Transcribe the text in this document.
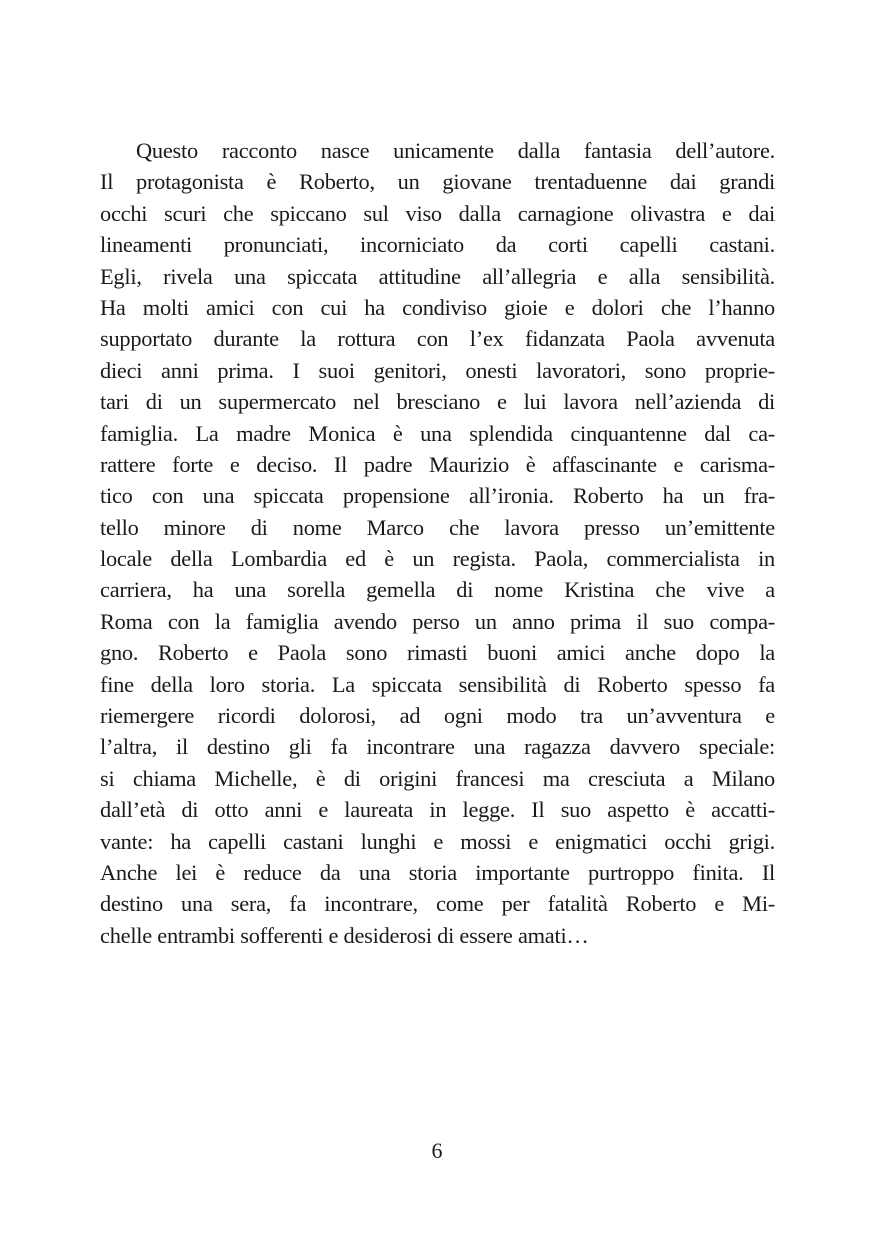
Questo racconto nasce unicamente dalla fantasia dell’autore.
Il protagonista è Roberto, un giovane trentaduenne dai grandi
occhi scuri che spiccano sul viso dalla carnagione olivastra e dai
lineamenti pronunciati, incorniciato da corti capelli castani.
Egli, rivela una spiccata attitudine all’allegria e alla sensibilità.
Ha molti amici con cui ha condiviso gioie e dolori che l’hanno
supportato durante la rottura con l’ex fidanzata Paola avvenuta
dieci anni prima. I suoi genitori, onesti lavoratori, sono proprie-
tari di un supermercato nel bresciano e lui lavora nell’azienda di
famiglia. La madre Monica è una splendida cinquantenne dal ca-
rattere forte e deciso. Il padre Maurizio è affascinante e carisma-
tico con una spiccata propensione all’ironia. Roberto ha un fra-
tello minore di nome Marco che lavora presso un’emittente
locale della Lombardia ed è un regista. Paola, commercialista in
carriera, ha una sorella gemella di nome Kristina che vive a
Roma con la famiglia avendo perso un anno prima il suo compa-
gno. Roberto e Paola sono rimasti buoni amici anche dopo la
fine della loro storia. La spiccata sensibilità di Roberto spesso fa
riemergere ricordi dolorosi, ad ogni modo tra un’avventura e
l’altra, il destino gli fa incontrare una ragazza davvero speciale:
si chiama Michelle, è di origini francesi ma cresciuta a Milano
dall’età di otto anni e laureata in legge. Il suo aspetto è accatti-
vante: ha capelli castani lunghi e mossi e enigmatici occhi grigi.
Anche lei è reduce da una storia importante purtroppo finita. Il
destino una sera, fa incontrare, come per fatalità Roberto e Mi-
chelle entrambi sofferenti e desiderosi di essere amati…
6
